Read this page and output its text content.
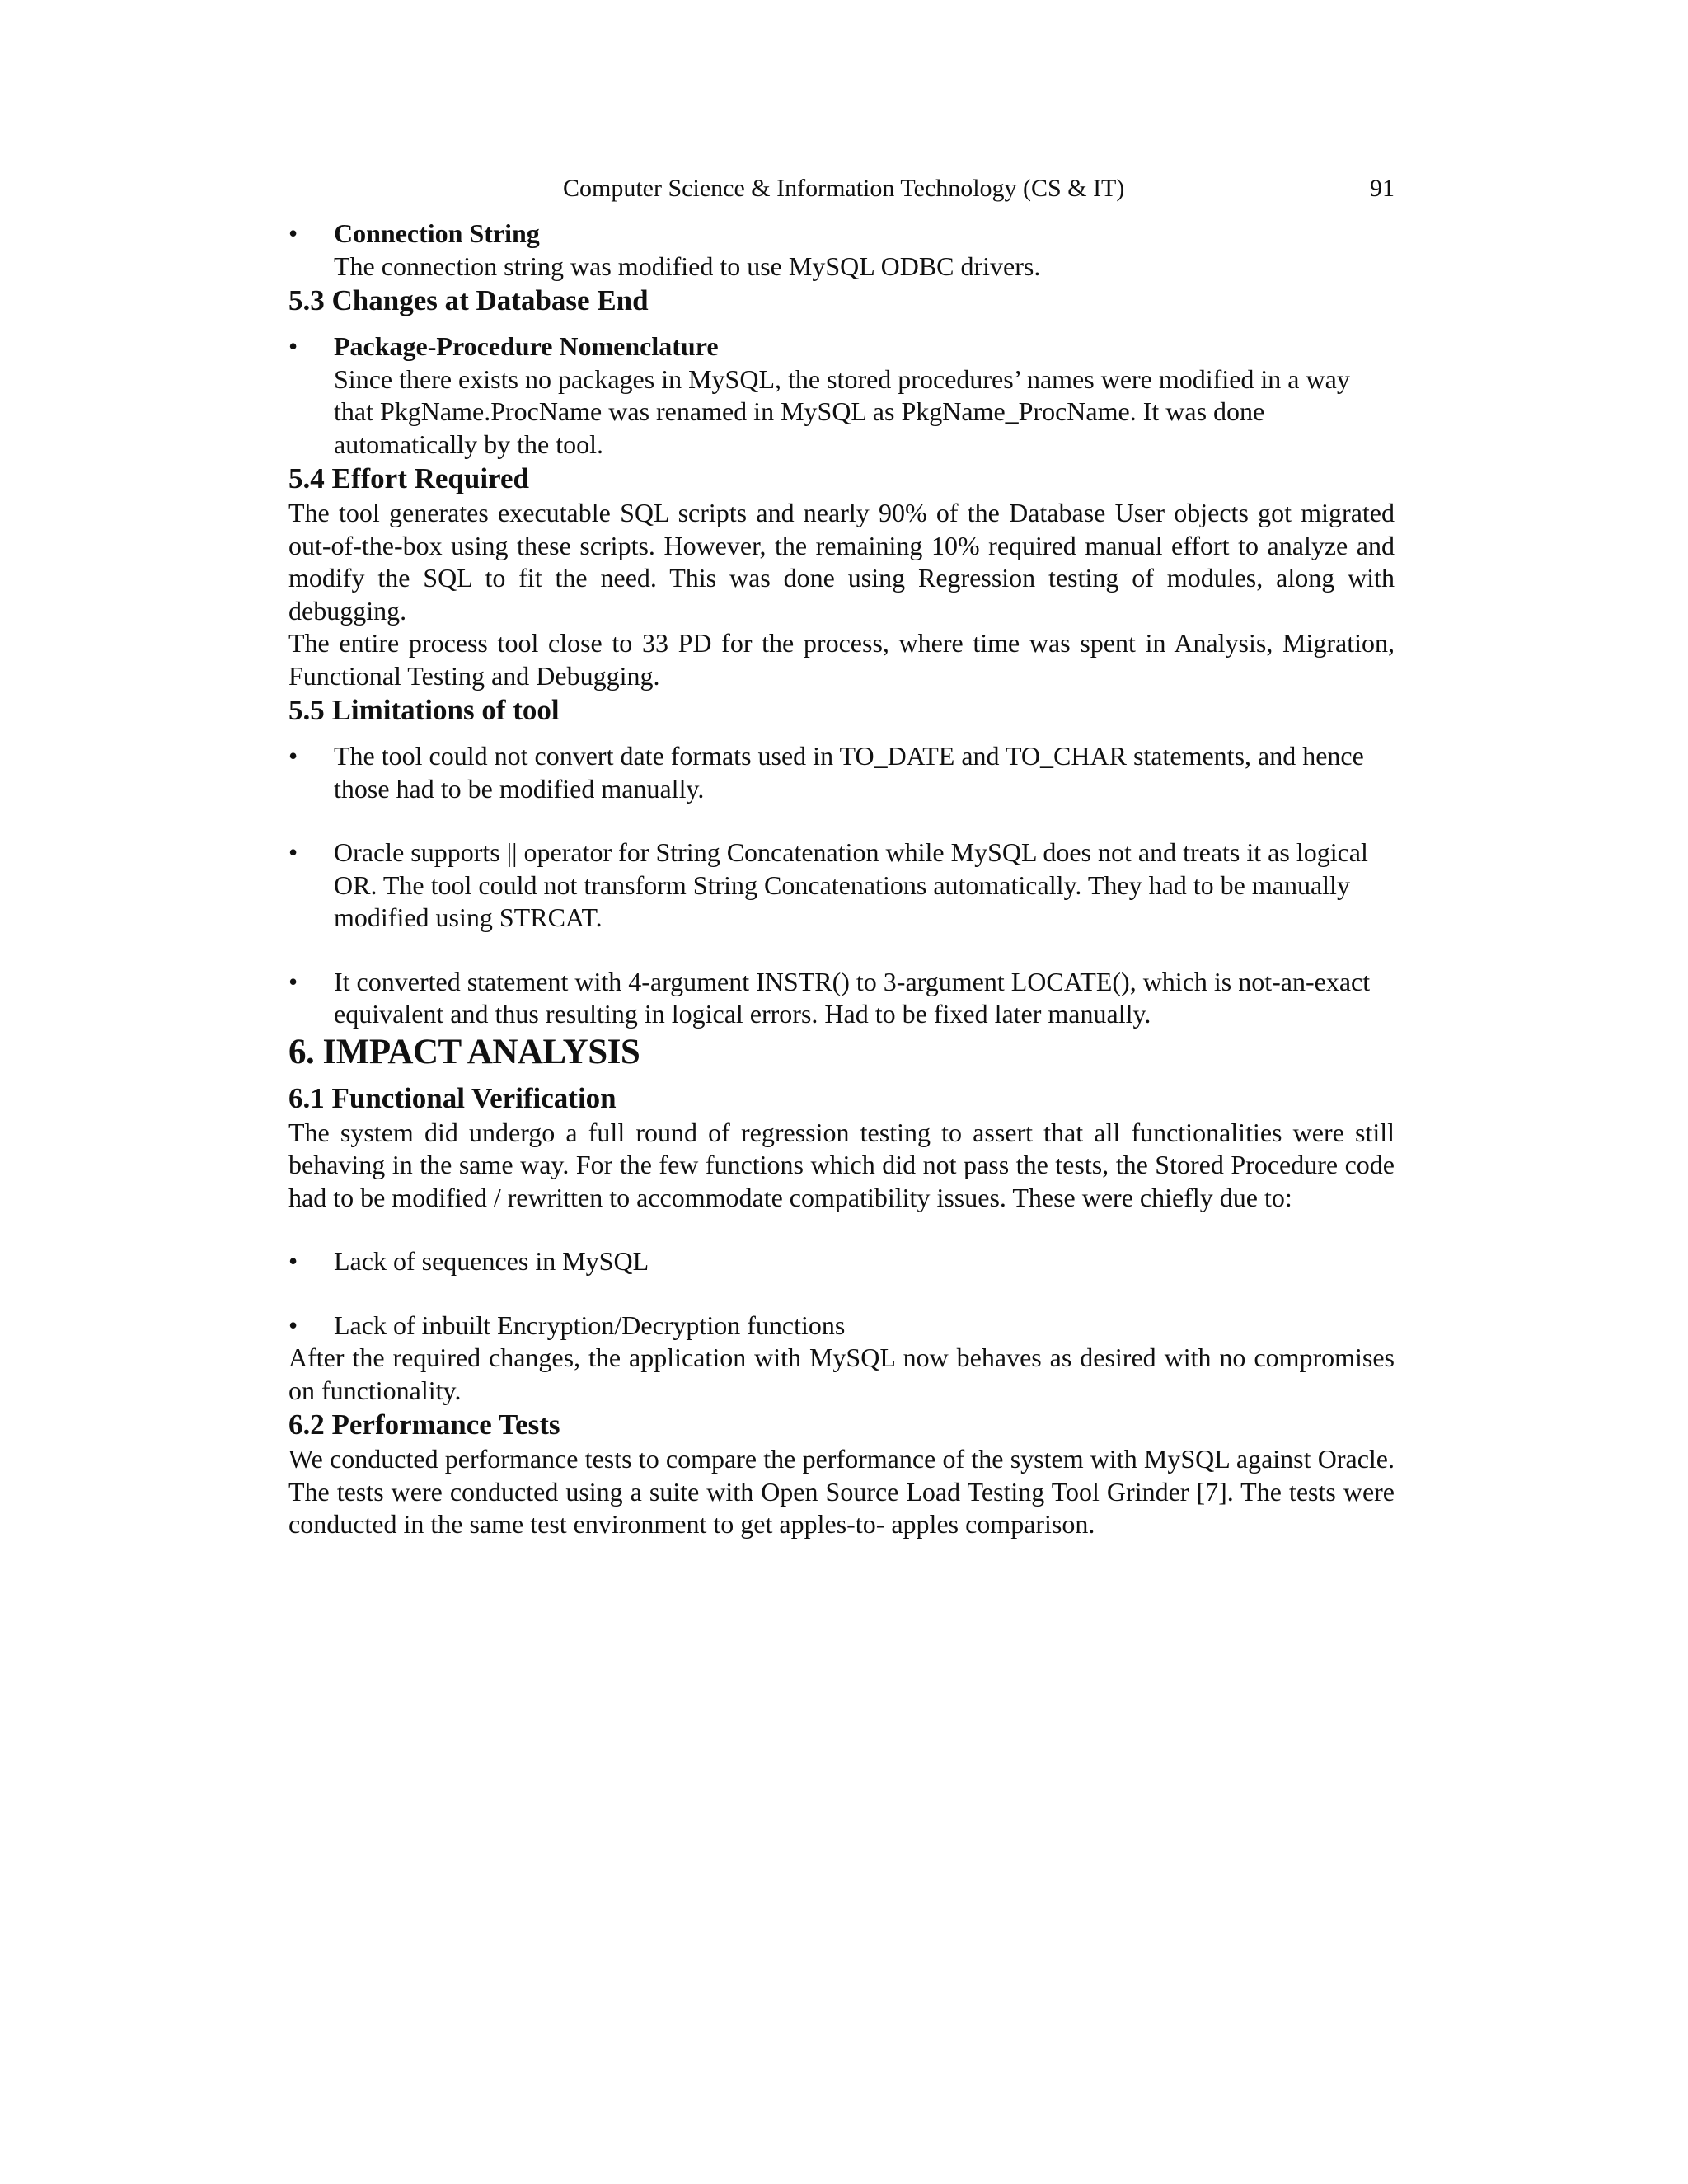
Computer Science & Information Technology (CS & IT)	91
• Connection String
The connection string was modified to use MySQL ODBC drivers.
5.3 Changes at Database End
• Package-Procedure Nomenclature
Since there exists no packages in MySQL, the stored procedures’ names were modified in a way that PkgName.ProcName was renamed in MySQL as PkgName_ProcName. It was done automatically by the tool.
5.4 Effort Required

The tool generates executable SQL scripts and nearly 90% of the Database User objects got migrated out-of-the-box using these scripts. However, the remaining 10% required manual effort to analyze and modify the SQL to fit the need. This was done using Regression testing of modules, along with debugging.

The entire process tool close to 33 PD for the process, where time was spent in Analysis, Migration, Functional Testing and Debugging.

5.5 Limitations of tool
• The tool could not convert date formats used in TO_DATE and TO_CHAR statements, and hence those had to be modified manually.
• Oracle supports || operator for String Concatenation while MySQL does not and treats it as logical OR. The tool could not transform String Concatenations automatically. They had to be manually modified using STRCAT.
• It converted statement with 4-argument INSTR() to 3-argument LOCATE(), which is not-an-exact equivalent and thus resulting in logical errors. Had to be fixed later manually.
6. IMPACT ANALYSIS
6.1 Functional Verification

The system did undergo a full round of regression testing to assert that all functionalities were still behaving in the same way. For the few functions which did not pass the tests, the Stored Procedure code had to be modified / rewritten to accommodate compatibility issues. These were chiefly due to:

• Lack of sequences in MySQL
• Lack of inbuilt Encryption/Decryption functions

After the required changes, the application with MySQL now behaves as desired with no compromises on functionality.

6.2 Performance Tests

We conducted performance tests to compare the performance of the system with MySQL against Oracle. The tests were conducted using a suite with Open Source Load Testing Tool Grinder [7]. The tests were conducted in the same test environment to get apples-to- apples comparison.
